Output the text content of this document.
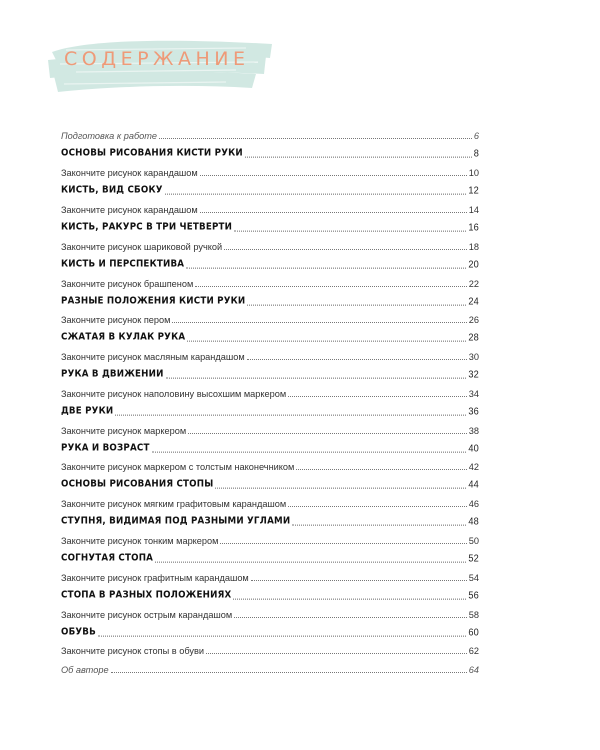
СОДЕРЖАНИЕ
Подготовка к работе	6
ОСНОВЫ РИСОВАНИЯ КИСТИ РУКИ	8
Закончите рисунок карандашом	10
КИСТЬ, ВИД СБОКУ	12
Закончите рисунок карандашом	14
КИСТЬ, РАКУРС В ТРИ ЧЕТВЕРТИ	16
Закончите рисунок шариковой ручкой	18
КИСТЬ И ПЕРСПЕКТИВА	20
Закончите рисунок брашпеном	22
РАЗНЫЕ ПОЛОЖЕНИЯ КИСТИ РУКИ	24
Закончите рисунок пером	26
СЖАТАЯ В КУЛАК РУКА	28
Закончите рисунок масляным карандашом	30
РУКА В ДВИЖЕНИИ	32
Закончите рисунок наполовину высохшим маркером	34
ДВЕ РУКИ	36
Закончите рисунок маркером	38
РУКА И ВОЗРАСТ	40
Закончите рисунок маркером с толстым наконечником	42
ОСНОВЫ РИСОВАНИЯ СТОПЫ	44
Закончите рисунок мягким графитовым карандашом	46
СТУПНЯ, ВИДИМАЯ ПОД РАЗНЫМИ УГЛАМИ	48
Закончите рисунок тонким маркером	50
СОГНУТАЯ СТОПА	52
Закончите рисунок графитным карандашом	54
СТОПА В РАЗНЫХ ПОЛОЖЕНИЯХ	56
Закончите рисунок острым карандашом	58
ОБУВЬ	60
Закончите рисунок стопы в обуви	62
Об авторе	64
